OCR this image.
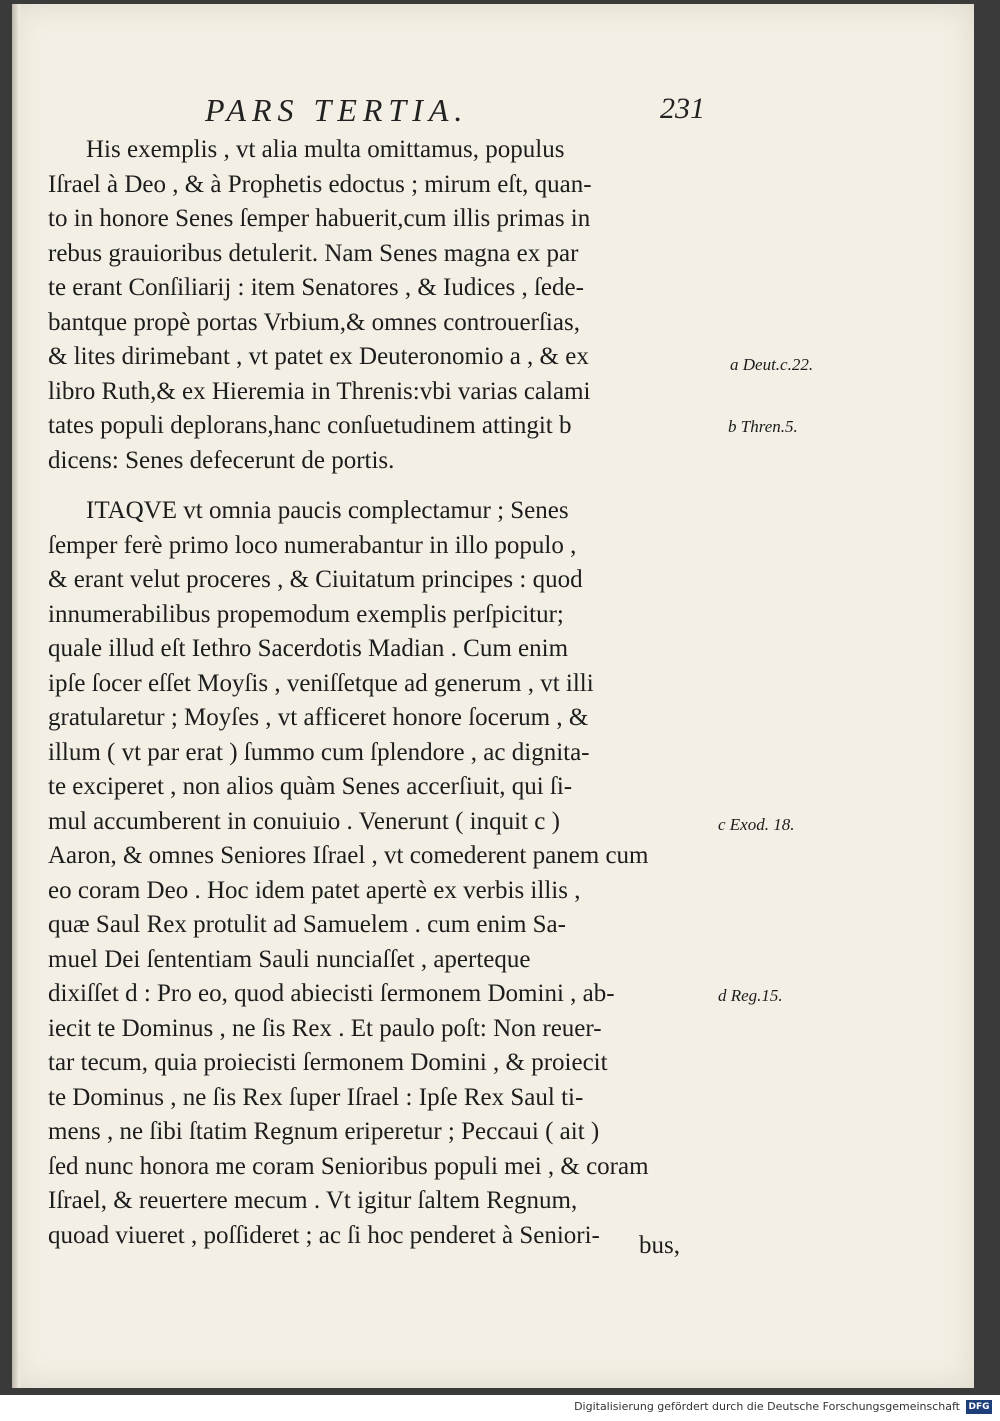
PARS TERTIA.	231
His exemplis , vt alia multa omittamus, populus
Iſrael à Deo , & à Prophetis edoctus ; mirum eſt, quan-
to in honore Senes ſemper habuerit,cum illis primas in
rebus grauioribus detulerit. Nam Senes magna ex par
te erant Conſiliarij : item Senatores , & Iudices , ſede-
bantque propè portas Vrbium,& omnes controuerſias,
& lites dirimebant , vt patet ex Deuteronomio a , & ex
libro Ruth,& ex Hieremia in Threnis:vbi varias calami
tates populi deplorans,hanc conſuetudinem attingit b
dicens: Senes defecerunt de portis.
ITAQVE vt omnia paucis complectamur ; Senes
ſemper ferè primo loco numerabantur in illo populo ,
& erant velut proceres , & Ciuitatum principes : quod
innumerabilibus propemodum exemplis perſpicitur;
quale illud eſt Iethro Sacerdotis Madian . Cum enim
ipſe ſocer eſſet Moyſis , veniſſetque ad generum , vt illi
gratularetur ; Moyſes , vt afficeret honore ſocerum , &
illum ( vt par erat ) ſummo cum ſplendore , ac dignita-
te exciperet , non alios quàm Senes accerſiuit, qui ſi-
mul accumberent in conuiuio . Venerunt ( inquit c )
Aaron, & omnes Seniores Iſrael , vt comederent panem cum
eo coram Deo . Hoc idem patet apertè ex verbis illis ,
quæ Saul Rex protulit ad Samuelem . cum enim Sa-
muel Dei ſententiam Sauli nunciaſſet , aperteque
dixiſſet d : Pro eo, quod abiecisti ſermonem Domini , ab-
iecit te Dominus , ne ſis Rex . Et paulo poſt: Non reuer-
tar tecum, quia proiecisti ſermonem Domini , & proiecit
te Dominus , ne ſis Rex ſuper Iſrael : Ipſe Rex Saul ti-
mens , ne ſibi ſtatim Regnum eriperetur ; Peccaui ( ait )
ſed nunc honora me coram Senioribus populi mei , & coram
Iſrael, & reuertere mecum . Vt igitur ſaltem Regnum,
quoad viueret , poſſideret ; ac ſi hoc penderet à Seniori-	bus,
a Deut.c.22.
b Thren.5.
c Exod. 18.
d Reg.15.
Digitalisierung gefördert durch die Deutsche Forschungsgemeinschaft DFG
